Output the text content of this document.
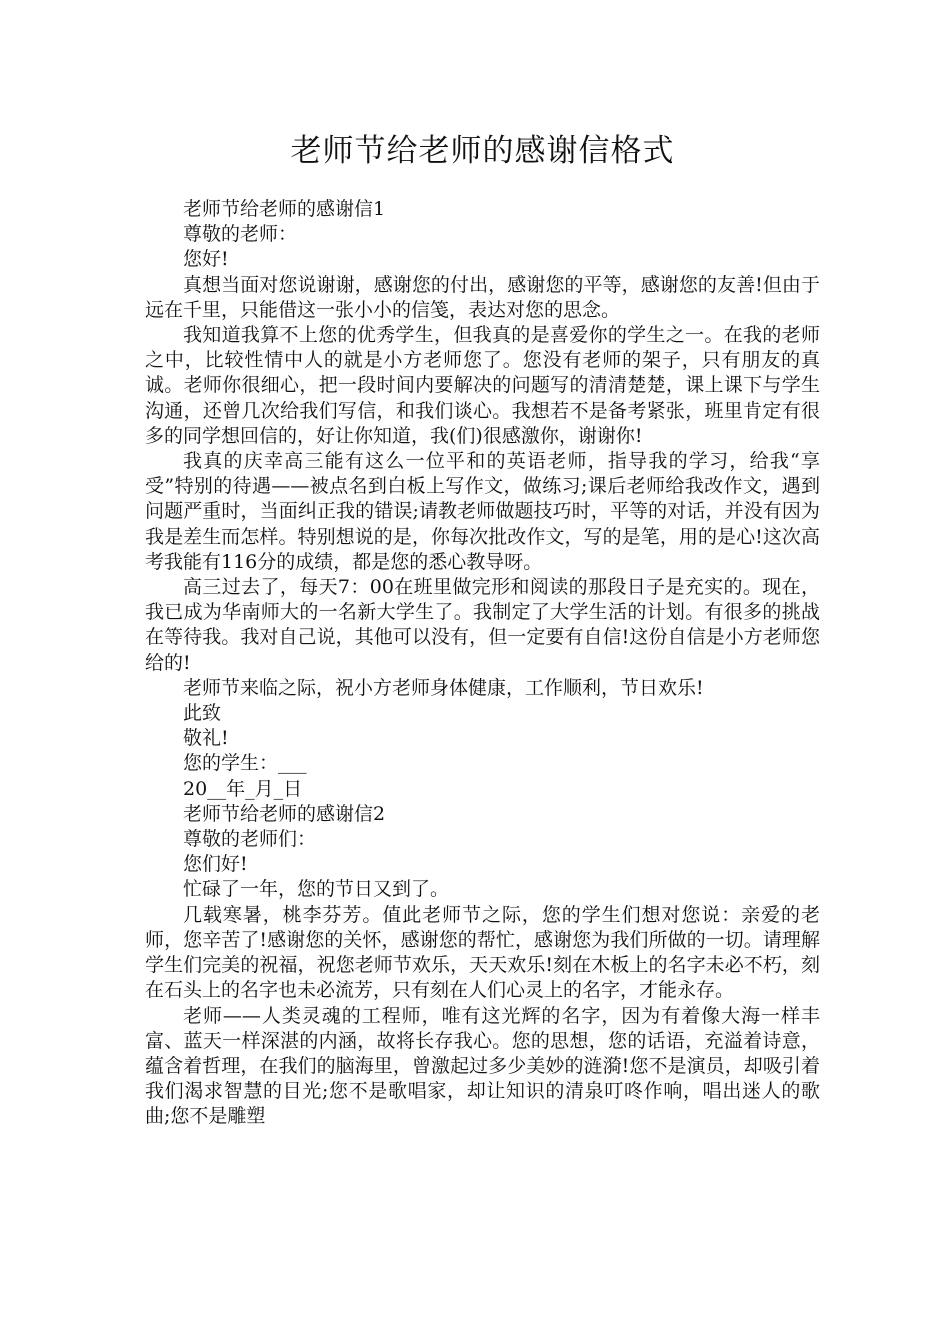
老师节给老师的感谢信格式

老师节给老师的感谢信1

尊敬的老师：

您好!

真想当面对您说谢谢，感谢您的付出，感谢您的平等，感谢您的友善!但由于远在千里，只能借这一张小小的信笺，表达对您的思念。

我知道我算不上您的优秀学生，但我真的是喜爱你的学生之一。在我的老师之中，比较性情中人的就是小方老师您了。您没有老师的架子，只有朋友的真诚。老师你很细心，把一段时间内要解决的问题写的清清楚楚，课上课下与学生沟通，还曾几次给我们写信，和我们谈心。我想若不是备考紧张，班里肯定有很多的同学想回信的，好让你知道，我(们)很感激你，谢谢你!

我真的庆幸高三能有这么一位平和的英语老师，指导我的学习，给我“享受”特别的待遇——被点名到白板上写作文，做练习;课后老师给我改作文，遇到问题严重时，当面纠正我的错误;请教老师做题技巧时，平等的对话，并没有因为我是差生而怎样。特别想说的是，你每次批改作文，写的是笔，用的是心!这次高考我能有116分的成绩，都是您的悉心教导呀。

高三过去了，每天7：00在班里做完形和阅读的那段日子是充实的。现在，我已成为华南师大的一名新大学生了。我制定了大学生活的计划。有很多的挑战在等待我。我对自己说，其他可以没有，但一定要有自信!这份自信是小方老师您给的!

老师节来临之际，祝小方老师身体健康，工作顺利，节日欢乐!

此致

敬礼!

您的学生：___

20__年_月_日

老师节给老师的感谢信2

尊敬的老师们：

您们好!

忙碌了一年，您的节日又到了。

几载寒暑，桃李芬芳。值此老师节之际，您的学生们想对您说：亲爱的老师，您辛苦了!感谢您的关怀，感谢您的帮忙，感谢您为我们所做的一切。请理解学生们完美的祝福，祝您老师节欢乐，天天欢乐!刻在木板上的名字未必不朽，刻在石头上的名字也未必流芳，只有刻在人们心灵上的名字，才能永存。

老师——人类灵魂的工程师，唯有这光辉的名字，因为有着像大海一样丰富、蓝天一样深湛的内涵，故将长存我心。您的思想，您的话语，充溢着诗意，蕴含着哲理，在我们的脑海里，曾激起过多少美妙的涟漪!您不是演员，却吸引着我们渴求智慧的目光;您不是歌唱家，却让知识的清泉叮咚作响，唱出迷人的歌曲;您不是雕塑
